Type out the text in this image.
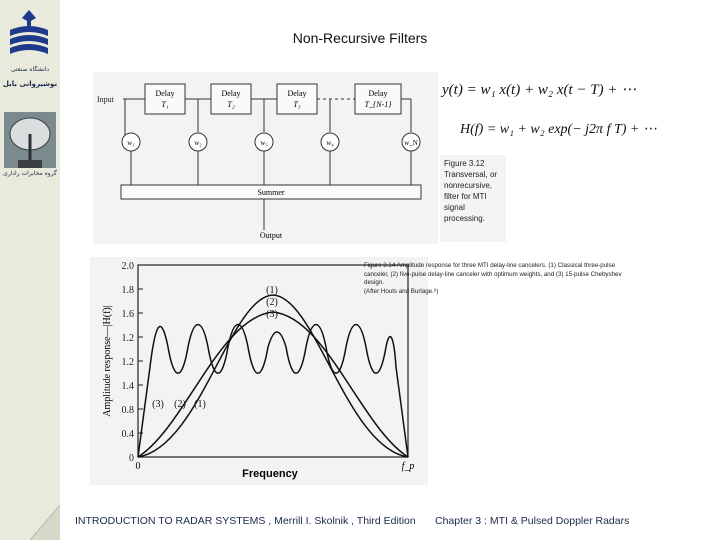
دانشگاه صنعتی
نوشیروانی بابل
گروه مخابرات راداری
Non-Recursive Filters
Input
Delay
T₁
Delay
T₂
Delay
T₃
Delay
T_{N-1}
w₁	w₂	w₃	w₄	w_N
Summer
Output
Figure 3.12
Transversal, or
nonrecursive,
filter for MTI
signal
processing.
y(t) = w₁ x(t) + w₂ x(t − T) + ⋯
H(f) = w₁ + w₂ exp(− j2π f T) + ⋯
2.0
1.8
1.6
1.2
1.2
1.4
0.8
0.4
0
Amplitude response—|H(f)|
Frequency
0	f_p
(1)
(2)
(3)
(3) (2) (1)
Figure 3.14 Amplitude response for three MTI delay-line cancelers. (1) Classical three-pulse
canceler, (2) five-pulse delay-line canceler with optimum weights, and (3) 15-pulse Chebyshev
design.
(After Houts and Burlage.⁸)
INTRODUCTION TO RADAR SYSTEMS , Merrill I. Skolnik , Third Edition	Chapter 3 : MTI & Pulsed Doppler Radars
